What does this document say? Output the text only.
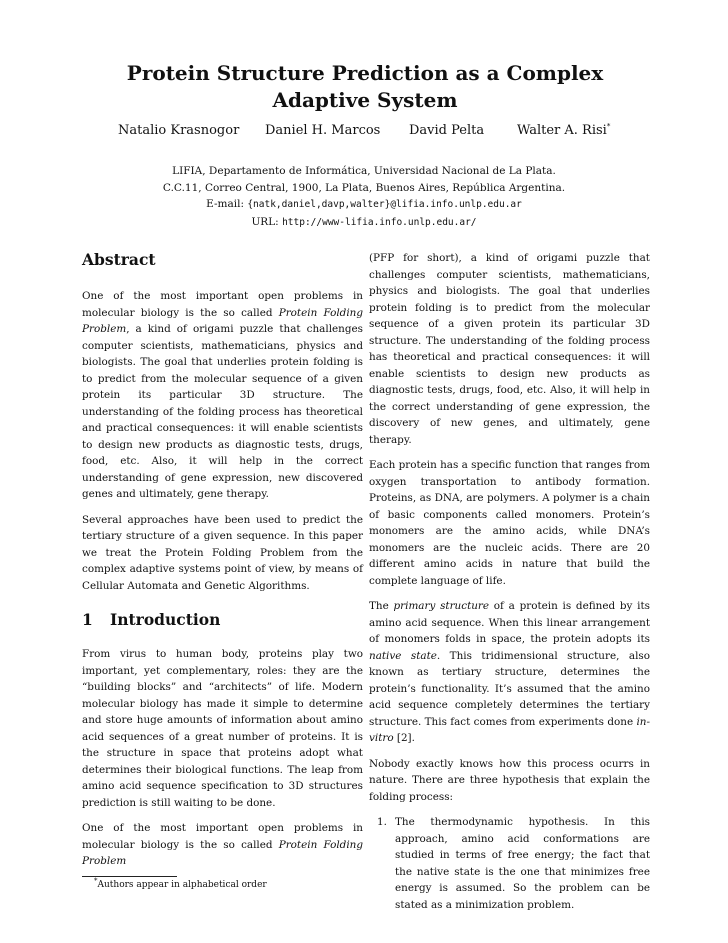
Protein Structure Prediction as a Complex Adaptive System
Natalio Krasnogor Daniel H. Marcos David Pelta	Walter A. Risi*
LIFIA, Departamento de Informática, Universidad Nacional de La Plata.
C.C.11, Correo Central, 1900, La Plata, Buenos Aires, República Argentina.
E-mail: {natk,daniel,davp,walter}@lifia.info.unlp.edu.ar
URL: http://www-lifia.info.unlp.edu.ar/
Abstract

One of the most important open problems in molecular biology is the so called Protein Folding Problem, a kind of origami puzzle that challenges computer scientists, mathematicians, physics and biologists. The goal that underlies protein folding is to predict from the molecular sequence of a given protein its particular 3D structure. The understanding of the folding process has theoretical and practical consequences: it will enable scientists to design new products as diagnostic tests, drugs, food, etc. Also, it will help in the correct understanding of gene expression, new discovered genes and ultimately, gene therapy.

Several approaches have been used to predict the tertiary structure of a given sequence. In this paper we treat the Protein Folding Problem from the complex adaptive systems point of view, by means of Cellular Automata and Genetic Algorithms.

1 Introduction

From virus to human body, proteins play two important, yet complementary, roles: they are the “building blocks” and “architects” of life. Modern molecular biology has made it simple to determine and store huge amounts of information about amino acid sequences of a great number of proteins. It is the structure in space that proteins adopt what determines their biological functions. The leap from amino acid sequence specification to 3D structures prediction is still waiting to be done.

One of the most important open problems in molecular biology is the so called Protein Folding Problem

*Authors appear in alphabetical order

(PFP for short), a kind of origami puzzle that challenges computer scientists, mathematicians, physics and biologists. The goal that underlies protein folding is to predict from the molecular sequence of a given protein its particular 3D structure. The understanding of the folding process has theoretical and practical consequences: it will enable scientists to design new products as diagnostic tests, drugs, food, etc. Also, it will help in the correct understanding of gene expression, the discovery of new genes, and ultimately, gene therapy.

Each protein has a specific function that ranges from oxygen transportation to antibody formation. Proteins, as DNA, are polymers. A polymer is a chain of basic components called monomers. Protein’s monomers are the amino acids, while DNA’s monomers are the nucleic acids. There are 20 different amino acids in nature that build the complete language of life.

The primary structure of a protein is defined by its amino acid sequence. When this linear arrangement of monomers folds in space, the protein adopts its native state. This tridimensional structure, also known as tertiary structure, determines the protein’s functionality. It’s assumed that the amino acid sequence completely determines the tertiary structure. This fact comes from experiments done in-vitro [2].

Nobody exactly knows how this process ocurrs in nature. There are three hypothesis that explain the folding process:

1. The thermodynamic hypothesis. In this approach, amino acid conformations are studied in terms of free energy; the fact that the native state is the one that minimizes free energy is assumed. So the problem can be stated as a minimization problem.
